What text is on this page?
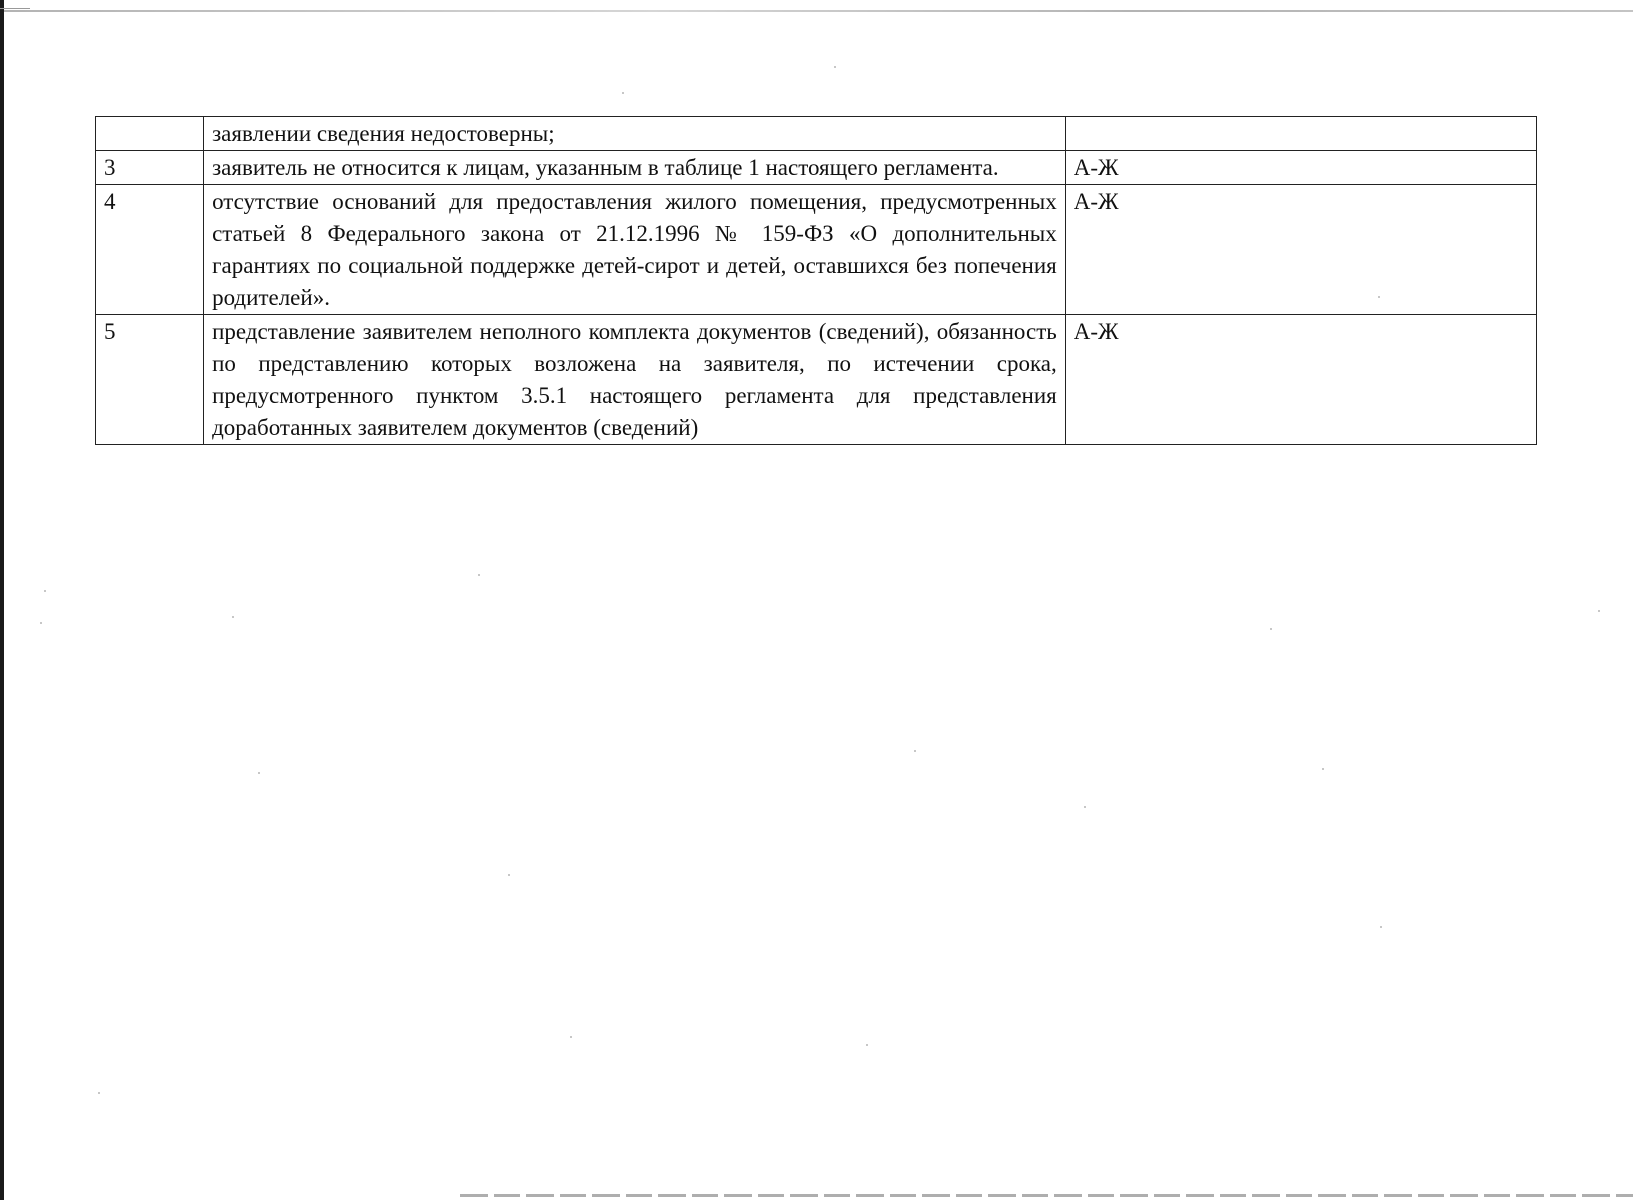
	заявлении сведения недостоверны;	
3	заявитель не относится к лицам, указанным в таблице 1 настоящего регламента.	А-Ж
4	отсутствие оснований для предоставления жилого помещения, предусмотренных статьей 8 Федерального закона от 21.12.1996 № 159-ФЗ «О дополнительных гарантиях по социальной поддержке детей-сирот и детей, оставшихся без попечения родителей».	А-Ж
5	представление заявителем неполного комплекта документов (сведений), обязанность по представлению которых возложена на заявителя, по истечении срока, предусмотренного пунктом 3.5.1 настоящего регламента для представления доработанных заявителем документов (сведений)	А-Ж
